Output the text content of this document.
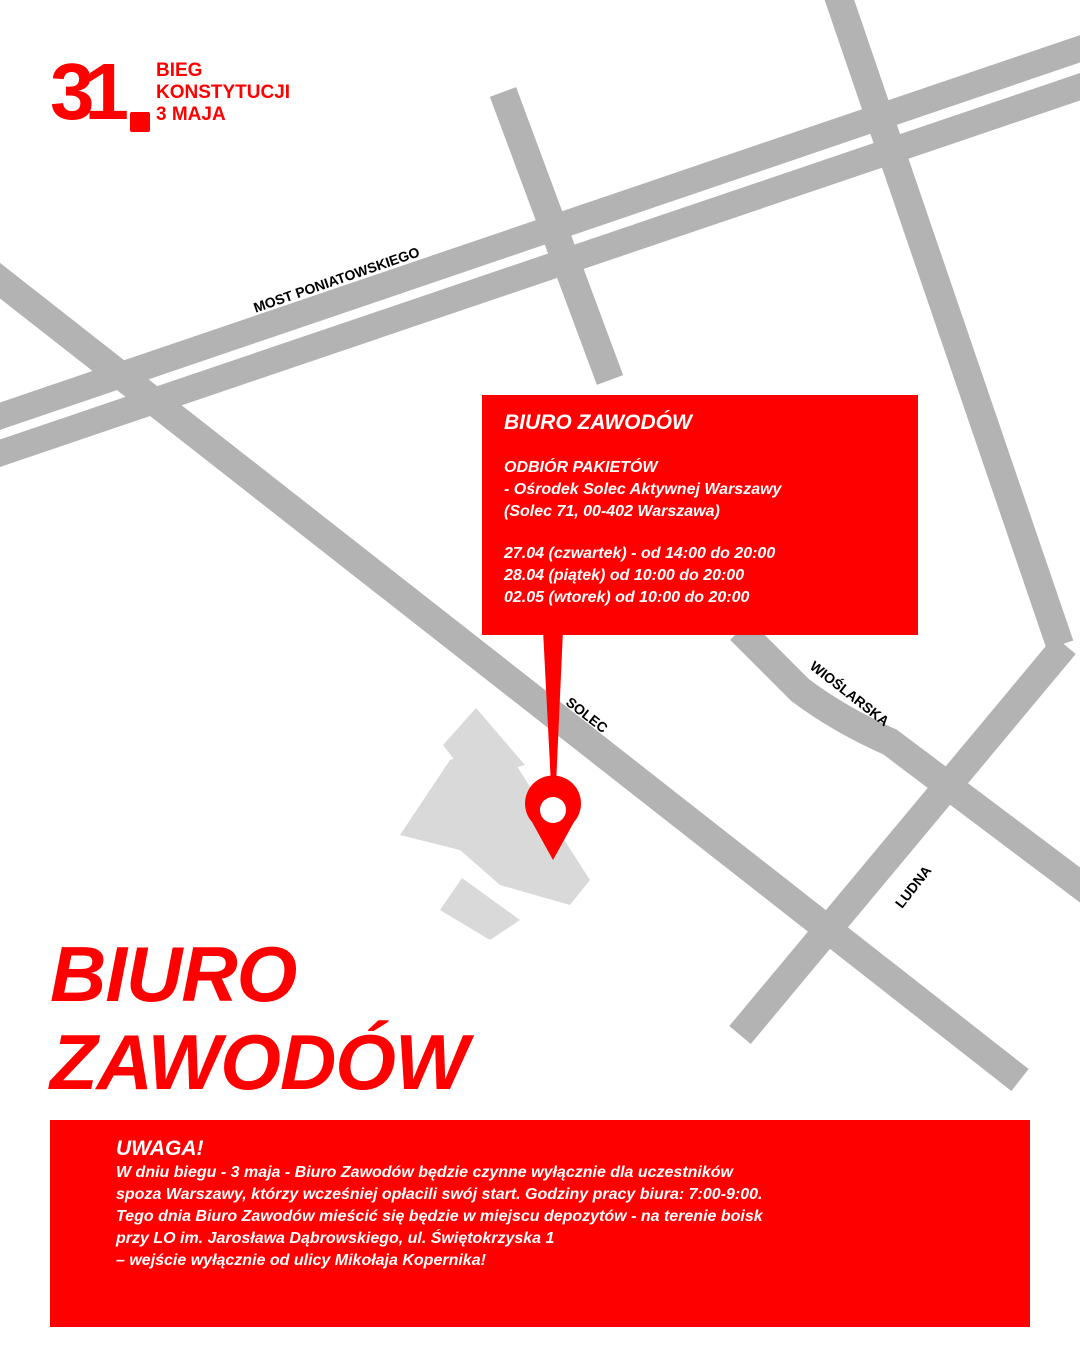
31 BIEG
KONSTYTUCJI
3 MAJA
MOST PONIATOWSKIEGO
SOLEC	WIOŚLARSKA
LUDNA
BIURO ZAWODÓW
ODBIÓR PAKIETÓW
- Ośrodek Solec Aktywnej Warszawy
(Solec 71, 00-402 Warszawa)
27.04 (czwartek) - od 14:00 do 20:00
28.04 (piątek) od 10:00 do 20:00
02.05 (wtorek) od 10:00 do 20:00
BIURO
ZAWODÓW
UWAGA!
W dniu biegu - 3 maja - Biuro Zawodów będzie czynne wyłącznie dla uczestników
spoza Warszawy, którzy wcześniej opłacili swój start. Godziny pracy biura: 7:00-9:00.
Tego dnia Biuro Zawodów mieścić się będzie w miejscu depozytów - na terenie boisk
przy LO im. Jarosława Dąbrowskiego, ul. Świętokrzyska 1
– wejście wyłącznie od ulicy Mikołaja Kopernika!
